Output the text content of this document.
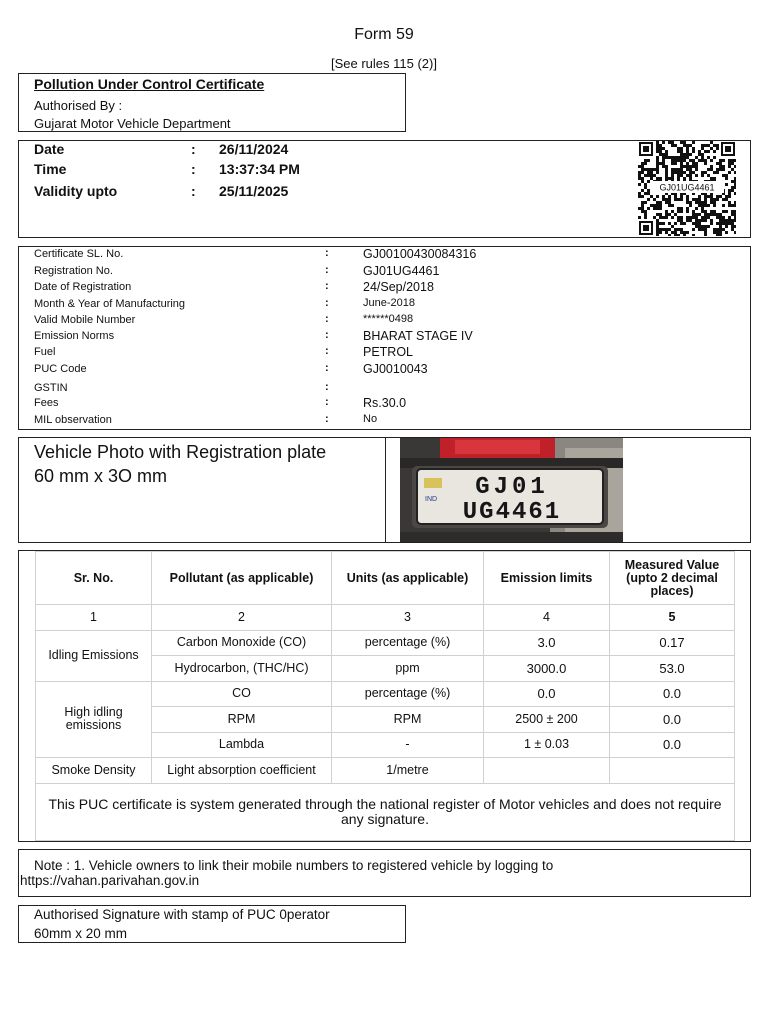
Form 59
[See rules 115 (2)]
Pollution Under Control Certificate
Authorised By :
Gujarat Motor Vehicle Department
Date	: 26/11/2024
Time	: 13:37:34 PM
Validity upto	: 25/11/2025	GJ01UG4461
Certificate SL. No.	:	GJ00100430084316
Registration No.	:	GJ01UG4461
Date of Registration	:	24/Sep/2018
Month & Year of Manufacturing	:	June-2018
Valid Mobile Number	:	******0498
Emission Norms	:	BHARAT STAGE IV
Fuel	:	PETROL
PUC Code	:	GJ0010043
GSTIN	:
Fees	:	Rs.30.0
MIL observation	:	No
Vehicle Photo with Registration plate
60 mm x 3O mm
IND GJ01
UG4461
Sr. No.	Pollutant (as applicable)	Units (as applicable)	Emission limits	Measured Value (upto 2 decimal places)
1	2	3	4	5
Idling Emissions	Carbon Monoxide (CO)	percentage (%)	3.0	0.17
	Hydrocarbon, (THC/HC)	ppm	3000.0	53.0
High idling emissions	CO	percentage (%)	0.0	0.0
	RPM	RPM	2500 ± 200	0.0
	Lambda	-	1 ± 0.03	0.0
Smoke Density	Light absorption coefficient	1/metre		
This PUC certificate is system generated through the national register of Motor vehicles and does not require any signature.				
Note : 1. Vehicle owners to link their mobile numbers to registered vehicle by logging to
https://vahan.parivahan.gov.in
Authorised Signature with stamp of PUC 0perator
60mm x 20 mm
